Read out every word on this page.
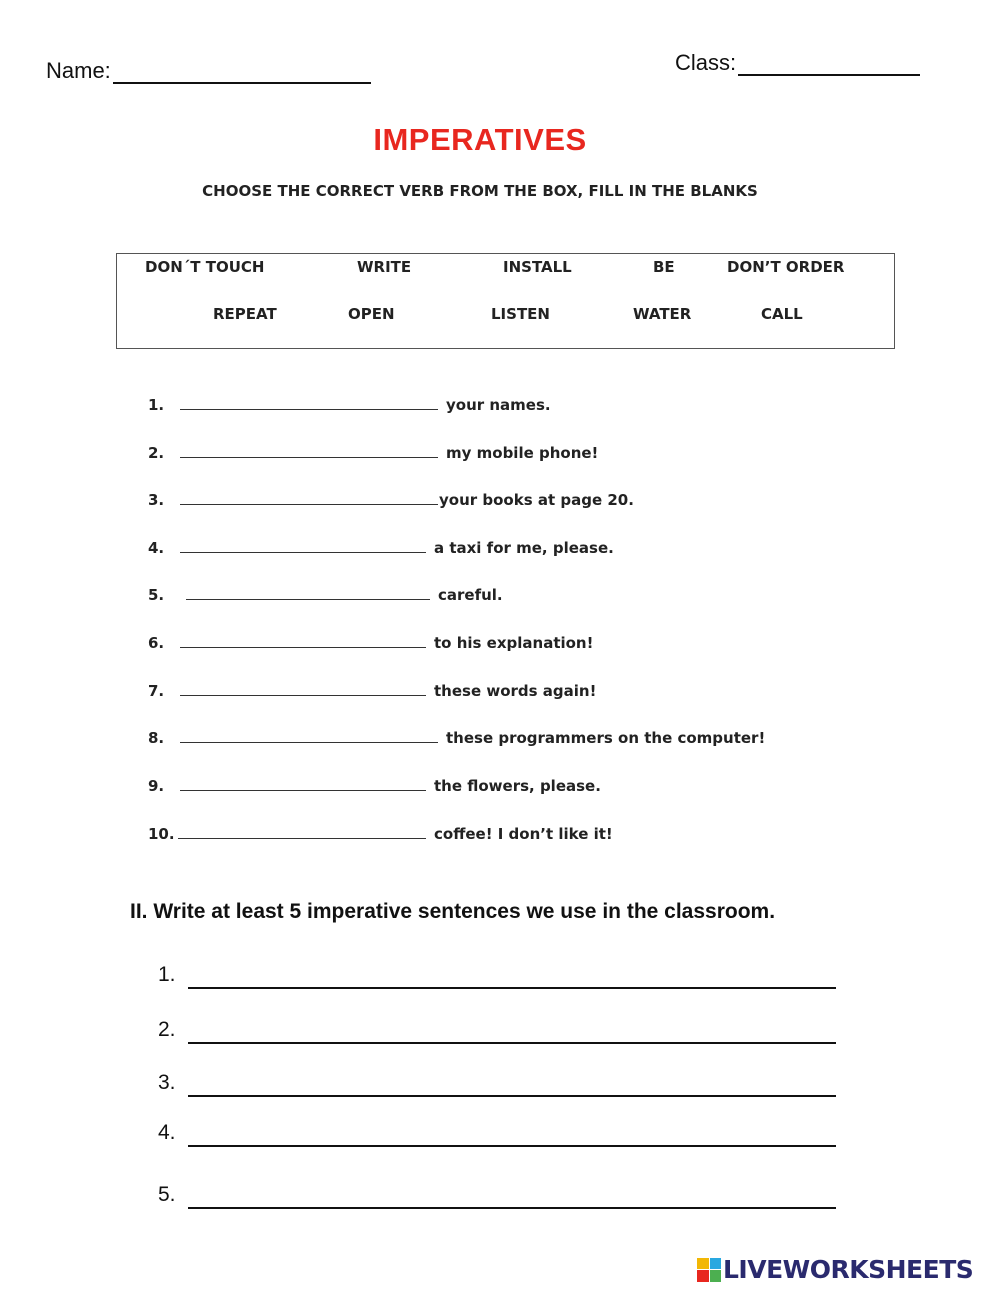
Name:	Class:
IMPERATIVES
CHOOSE THE CORRECT VERB FROM THE BOX, FILL IN THE BLANKS
DON´T TOUCH	WRITE	INSTALL	BE	DON’T ORDER
REPEAT	OPEN	LISTEN	WATER	CALL
1.	your names.
2.	my mobile phone!
3.	your books at page 20.
4.	a taxi for me, please.
5.	careful.
6.	to his explanation!
7.	these words again!
8.	these programmers on the computer!
9.	the flowers, please.
10.	coffee! I don’t like it!
II. Write at least 5 imperative sentences we use in the classroom.
1.
2.
3.
4.
5.
LIVEWORKSHEETS
